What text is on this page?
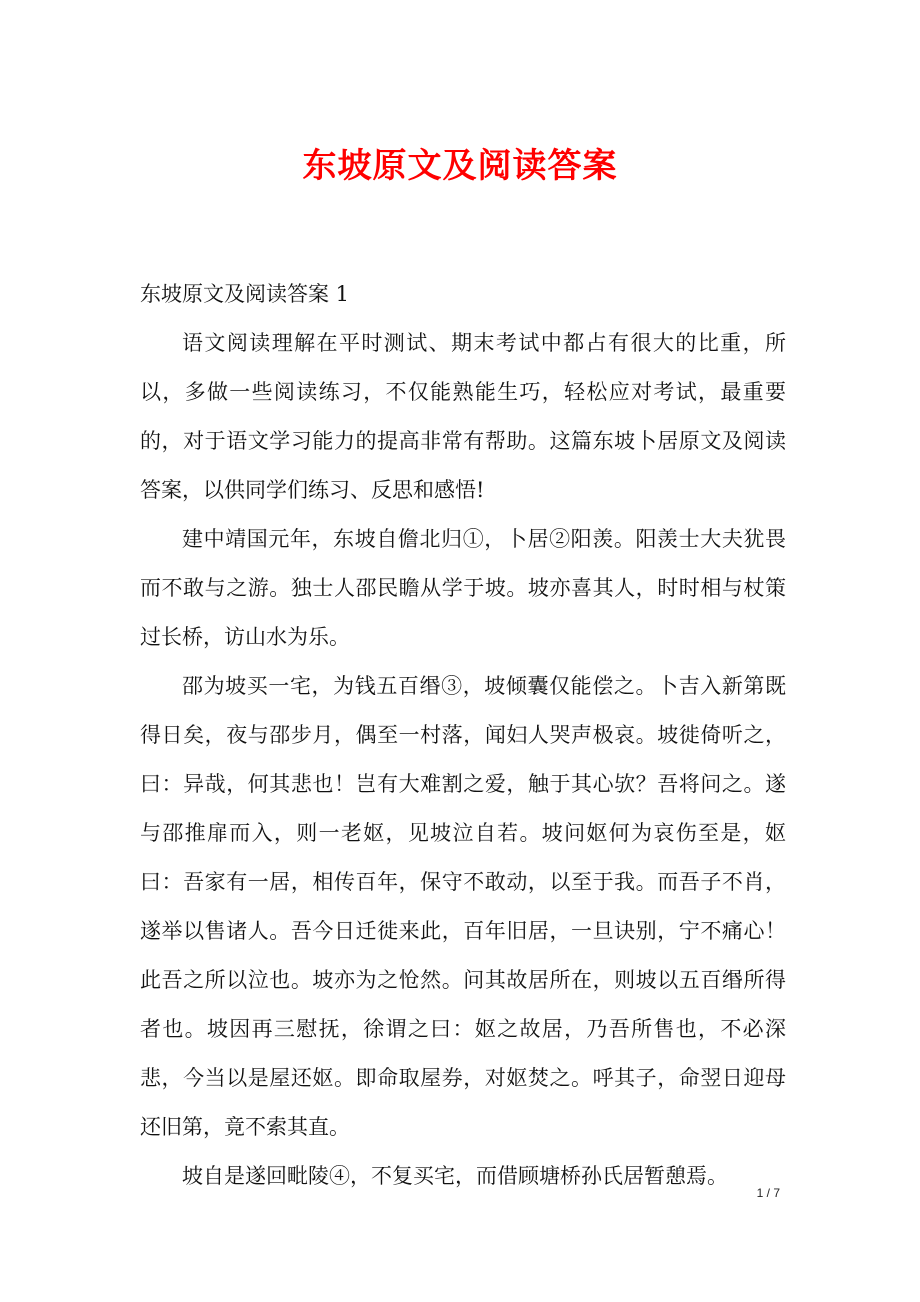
东坡原文及阅读答案

东坡原文及阅读答案 1

语文阅读理解在平时测试、期末考试中都占有很大的比重，所以，多做一些阅读练习，不仅能熟能生巧，轻松应对考试，最重要的，对于语文学习能力的提高非常有帮助。这篇东坡卜居原文及阅读答案，以供同学们练习、反思和感悟!

建中靖国元年，东坡自儋北归①，卜居②阳羡。阳羡士大夫犹畏而不敢与之游。独士人邵民瞻从学于坡。坡亦喜其人，时时相与杖策过长桥，访山水为乐。

邵为坡买一宅，为钱五百缗③，坡倾囊仅能偿之。卜吉入新第既得日矣，夜与邵步月，偶至一村落，闻妇人哭声极哀。坡徙倚听之，曰：异哉，何其悲也！岂有大难割之爱，触于其心欤？吾将问之。遂与邵推扉而入，则一老妪，见坡泣自若。坡问妪何为哀伤至是，妪曰：吾家有一居，相传百年，保守不敢动，以至于我。而吾子不肖，遂举以售诸人。吾今日迁徙来此，百年旧居，一旦诀别，宁不痛心！此吾之所以泣也。坡亦为之怆然。问其故居所在，则坡以五百缗所得者也。坡因再三慰抚，徐谓之曰：妪之故居，乃吾所售也，不必深悲，今当以是屋还妪。即命取屋券，对妪焚之。呼其子，命翌日迎母还旧第，竟不索其直。

坡自是遂回毗陵④，不复买宅，而借顾塘桥孙氏居暂憩焉。

1 / 7
